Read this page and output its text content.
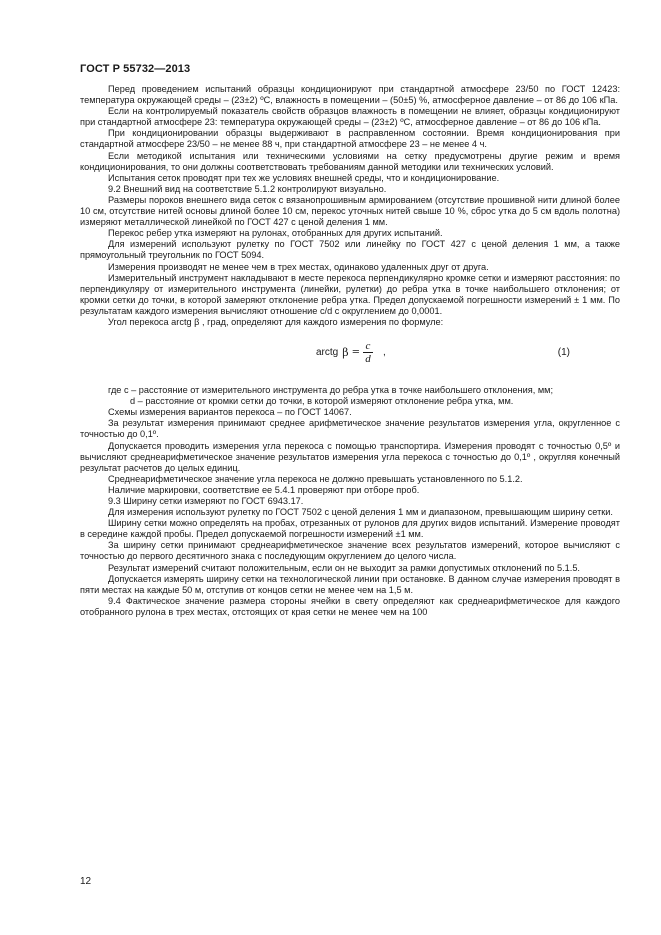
ГОСТ Р 55732—2013

Перед проведением испытаний образцы кондиционируют при стандартной атмосфере 23/50 по ГОСТ 12423: температура окружающей среды – (23±2) ºС, влажность в помещении – (50±5) %, атмосферное давление – от 86 до 106 кПа.

Если на контролируемый показатель свойств образцов влажность в помещении не влияет, образцы кондиционируют при стандартной атмосфере 23: температура окружающей среды – (23±2) ºС, атмосферное давление – от 86 до 106 кПа.

При кондиционировании образцы выдерживают в расправленном состоянии. Время кондиционирования при стандартной атмосфере 23/50 – не менее 88 ч, при стандартной атмосфере 23 – не менее 4 ч.

Если методикой испытания или техническими условиями на сетку предусмотрены другие режим и время кондиционирования, то они должны соответствовать требованиям данной методики или технических условий.

Испытания сеток проводят при тех же условиях внешней среды, что и кондиционирование.

9.2 Внешний вид на соответствие 5.1.2 контролируют визуально.

Размеры пороков внешнего вида сеток с вязанопрошивным армированием (отсутствие прошивной нити длиной более 10 см, отсутствие нитей основы длиной более 10 см, перекос уточных нитей свыше 10 %, сброс утка до 5 см вдоль полотна) измеряют металлической линейкой по ГОСТ 427 с ценой деления 1 мм.

Перекос ребер утка измеряют на рулонах, отобранных для других испытаний.

Для измерений используют рулетку по ГОСТ 7502 или линейку по ГОСТ 427 с ценой деления 1 мм, а также прямоугольный треугольник по ГОСТ 5094.

Измерения производят не менее чем в трех местах, одинаково удаленных друг от друга.

Измерительный инструмент накладывают в месте перекоса перпендикулярно кромке сетки и измеряют расстояния: по перпендикуляру от измерительного инструмента (линейки, рулетки) до ребра утка в точке наибольшего отклонения; от кромки сетки до точки, в которой замеряют отклонение ребра утка. Предел допускаемой погрешности измерений ± 1 мм. По результатам каждого измерения вычисляют отношение c/d с округлением до 0,0001.

Угол перекоса arctg β , град, определяют для каждого измерения по формуле:

arctg $\beta = \frac{c}{d}$ ,	(1)

где c – расстояние от измерительного инструмента до ребра утка в точке наибольшего отклонения, мм;

d – расстояние от кромки сетки до точки, в которой измеряют отклонение ребра утка, мм.

Схемы измерения вариантов перекоса – по ГОСТ 14067.

За результат измерения принимают среднее арифметическое значение результатов измерения угла, округленное с точностью до 0,1º.

Допускается проводить измерения угла перекоса с помощью транспортира. Измерения проводят с точностью 0,5º и вычисляют среднеарифметическое значение результатов измерения угла перекоса с точностью до 0,1º , округляя конечный результат расчетов до целых единиц.

Среднеарифметическое значение угла перекоса не должно превышать установленного по 5.1.2.

Наличие маркировки, соответствие ее 5.4.1 проверяют при отборе проб.

9.3 Ширину сетки измеряют по ГОСТ 6943.17.

Для измерения используют рулетку по ГОСТ 7502 с ценой деления 1 мм и диапазоном, превышающим ширину сетки.

Ширину сетки можно определять на пробах, отрезанных от рулонов для других видов испытаний. Измерение проводят в середине каждой пробы. Предел допускаемой погрешности измерений ±1 мм.

За ширину сетки принимают среднеарифметическое значение всех результатов измерений, которое вычисляют с точностью до первого десятичного знака с последующим округлением до целого числа.

Результат измерений считают положительным, если он не выходит за рамки допустимых отклонений по 5.1.5.

Допускается измерять ширину сетки на технологической линии при остановке. В данном случае измерения проводят в пяти местах на каждые 50 м, отступив от концов сетки не менее чем на 1,5 м.

9.4 Фактическое значение размера стороны ячейки в свету определяют как среднеарифметическое для каждого отобранного рулона в трех местах, отстоящих от края сетки не менее чем на 100

12
